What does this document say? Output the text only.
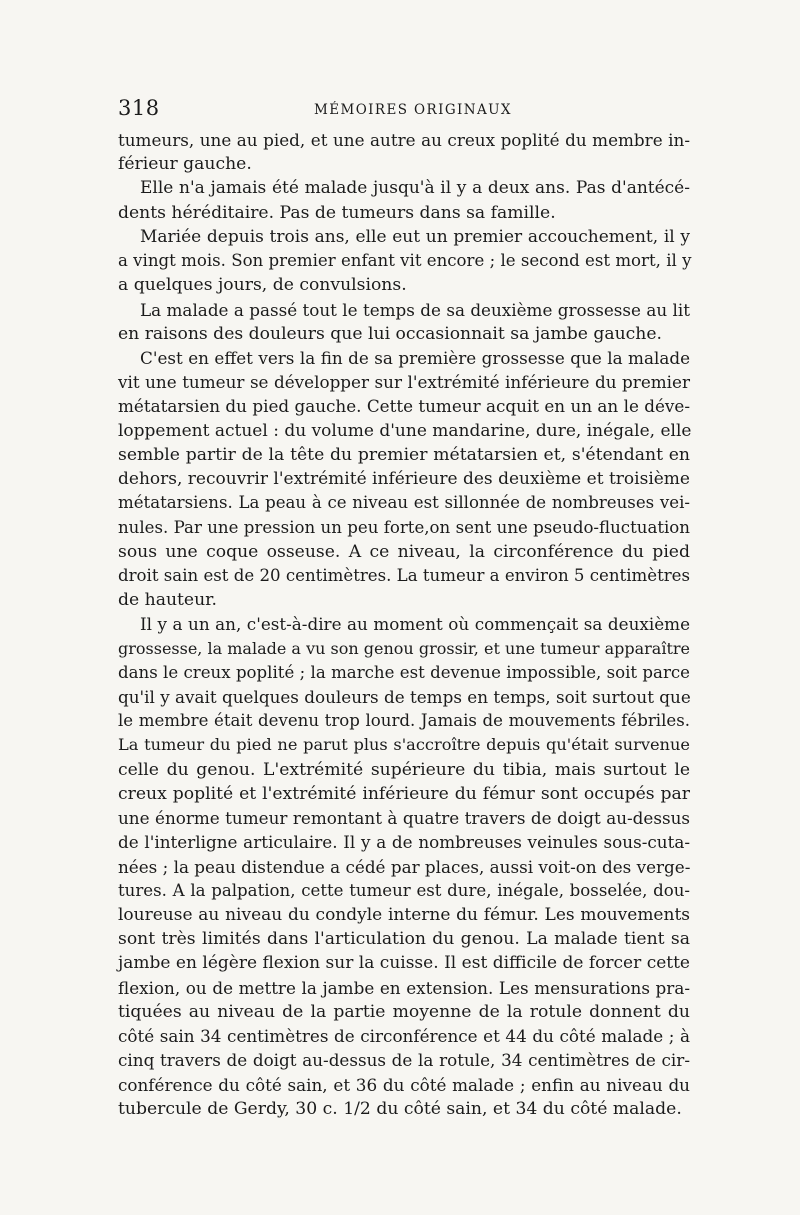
318	MÉMOIRES ORIGINAUX
tumeurs, une au pied, et une autre au creux poplité du membre in-
férieur gauche.
Elle n'a jamais été malade jusqu'à il y a deux ans. Pas d'antécé-
dents héréditaire. Pas de tumeurs dans sa famille.
Mariée depuis trois ans, elle eut un premier accouchement, il y
a vingt mois. Son premier enfant vit encore ; le second est mort, il y
a quelques jours, de convulsions.
La malade a passé tout le temps de sa deuxième grossesse au lit
en raisons des douleurs que lui occasionnait sa jambe gauche.
C'est en effet vers la fin de sa première grossesse que la malade
vit une tumeur se développer sur l'extrémité inférieure du premier
métatarsien du pied gauche. Cette tumeur acquit en un an le déve-
loppement actuel : du volume d'une mandarine, dure, inégale, elle
semble partir de la tête du premier métatarsien et, s'étendant en
dehors, recouvrir l'extrémité inférieure des deuxième et troisième
métatarsiens. La peau à ce niveau est sillonnée de nombreuses vei-
nules. Par une pression un peu forte,on sent une pseudo-fluctuation
sous une coque osseuse. A ce niveau, la circonférence du pied
droit sain est de 20 centimètres. La tumeur a environ 5 centimètres
de hauteur.
Il y a un an, c'est-à-dire au moment où commençait sa deuxième
grossesse, la malade a vu son genou grossir, et une tumeur apparaître
dans le creux poplité ; la marche est devenue impossible, soit parce
qu'il y avait quelques douleurs de temps en temps, soit surtout que
le membre était devenu trop lourd. Jamais de mouvements fébriles.
La tumeur du pied ne parut plus s'accroître depuis qu'était survenue
celle du genou. L'extrémité supérieure du tibia, mais surtout le
creux poplité et l'extrémité inférieure du fémur sont occupés par
une énorme tumeur remontant à quatre travers de doigt au-dessus
de l'interligne articulaire. Il y a de nombreuses veinules sous-cuta-
nées ; la peau distendue a cédé par places, aussi voit-on des verge-
tures. A la palpation, cette tumeur est dure, inégale, bosselée, dou-
loureuse au niveau du condyle interne du fémur. Les mouvements
sont très limités dans l'articulation du genou. La malade tient sa
jambe en légère flexion sur la cuisse. Il est difficile de forcer cette
flexion, ou de mettre la jambe en extension. Les mensurations pra-
tiquées au niveau de la partie moyenne de la rotule donnent du
côté sain 34 centimètres de circonférence et 44 du côté malade ; à
cinq travers de doigt au-dessus de la rotule, 34 centimètres de cir-
conférence du côté sain, et 36 du côté malade ; enfin au niveau du
tubercule de Gerdy, 30 c. 1/2 du côté sain, et 34 du côté malade.
